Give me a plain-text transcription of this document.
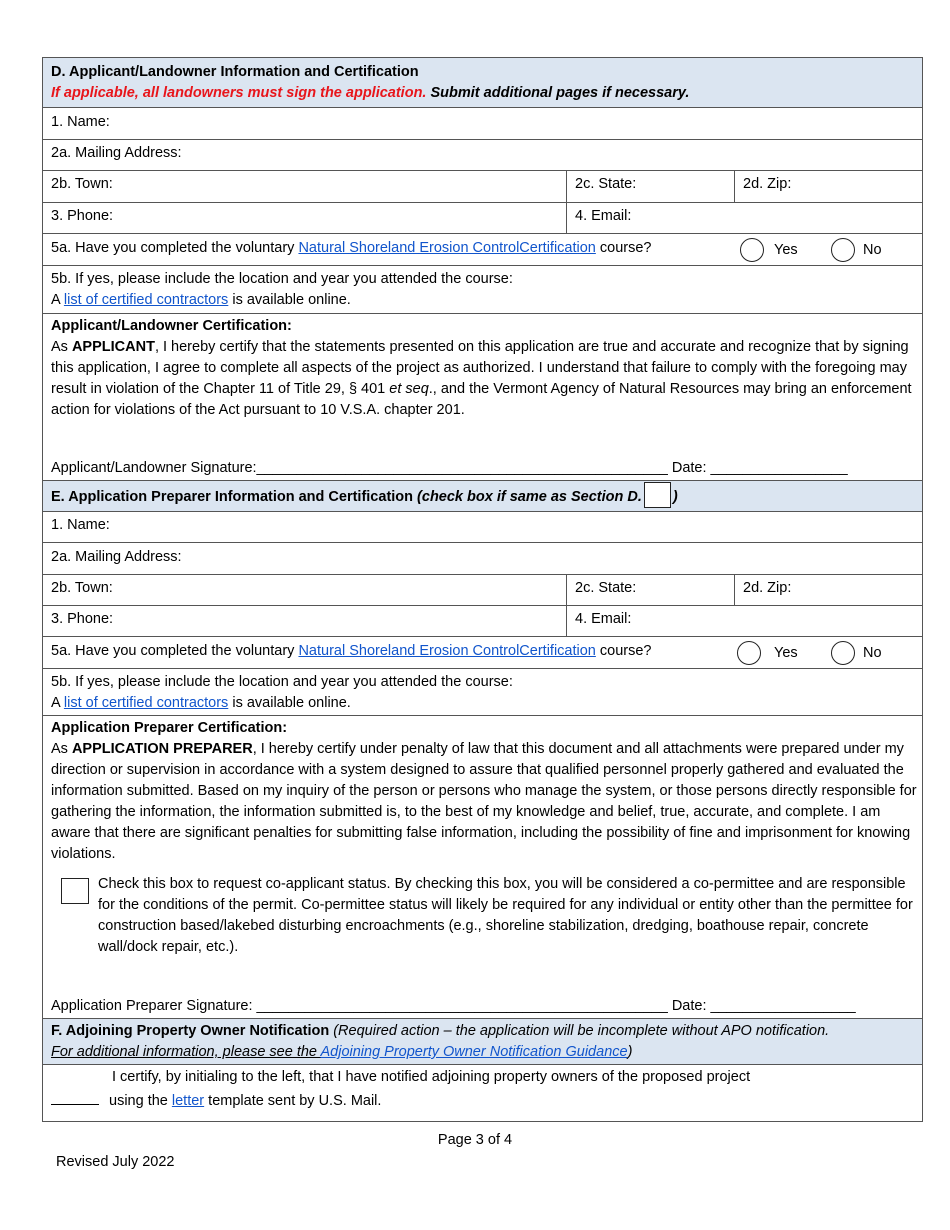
D. Applicant/Landowner Information and Certification

If applicable, all landowners must sign the application. Submit additional pages if necessary.

1. Name:
2a. Mailing Address:
2b. Town:	2c. State:	2d. Zip:
3. Phone:	4. Email:
5a. Have you completed the voluntary Natural Shoreland Erosion ControlCertification course?	Yes	No

5b. If yes, please include the location and year you attended the course:

A list of certified contractors is available online.

Applicant/Landowner Certification:

As APPLICANT, I hereby certify that the statements presented on this application are true and accurate and recognize that by signing this application, I agree to complete all aspects of the project as authorized. I understand that failure to comply with the foregoing may result in violation of the Chapter 11 of Title 29, § 401 et seq., and the Vermont Agency of Natural Resources may bring an enforcement action for violations of the Act pursuant to 10 V.S.A. chapter 201.

Applicant/Landowner Signature:___________________________________________________ Date: _________________

E. Application Preparer Information and Certification (check box if same as Section D. )
1. Name:
2a. Mailing Address:
2b. Town:	2c. State:	2d. Zip:
3. Phone:	4. Email:
5a. Have you completed the voluntary Natural Shoreland Erosion ControlCertification course?	Yes	No

5b. If yes, please include the location and year you attended the course:

A list of certified contractors is available online.

Application Preparer Certification:

As APPLICATION PREPARER, I hereby certify under penalty of law that this document and all attachments were prepared under my direction or supervision in accordance with a system designed to assure that qualified personnel properly gathered and evaluated the information submitted. Based on my inquiry of the person or persons who manage the system, or those persons directly responsible for gathering the information, the information submitted is, to the best of my knowledge and belief, true, accurate, and complete. I am aware that there are significant penalties for submitting false information, including the possibility of fine and imprisonment for knowing violations.

Check this box to request co-applicant status. By checking this box, you will be considered a co-permittee and are responsible for the conditions of the permit. Co-permittee status will likely be required for any individual or entity other than the permittee for construction based/lakebed disturbing encroachments (e.g., shoreline stabilization, dredging, boathouse repair, concrete wall/dock repair, etc.).

Application Preparer Signature: ___________________________________________________ Date: __________________

F. Adjoining Property Owner Notification (Required action – the application will be incomplete without APO notification.

For additional information, please see the Adjoining Property Owner Notification Guidance)

I certify, by initialing to the left, that I have notified adjoining property owners of the proposed project

using the letter template sent by U.S. Mail.

Page 3 of 4
Revised July 2022
